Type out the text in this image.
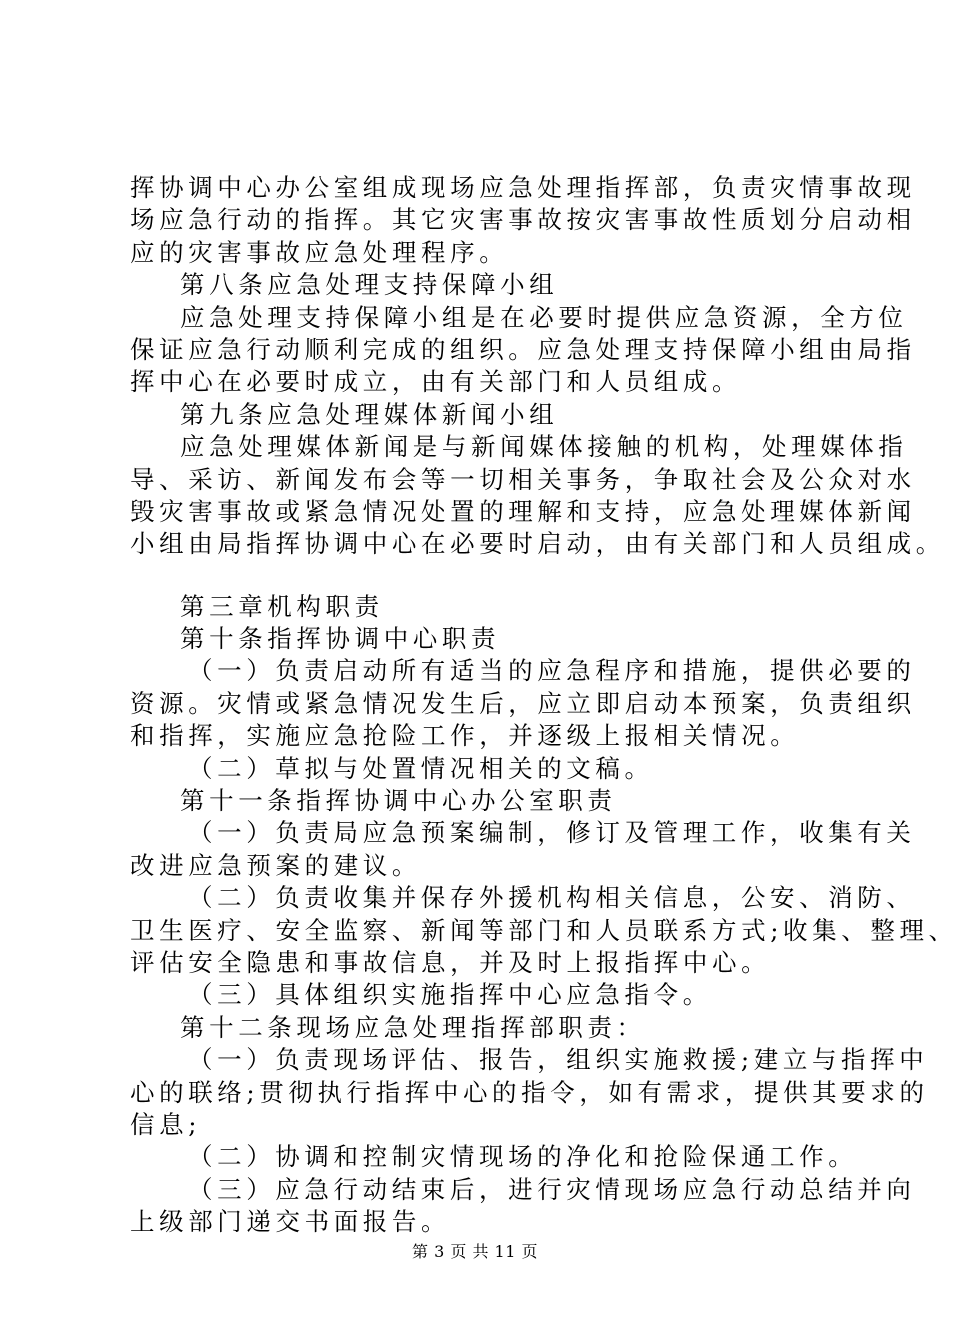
挥协调中心办公室组成现场应急处理指挥部，负责灾情事故现
场应急行动的指挥。其它灾害事故按灾害事故性质划分启动相
应的灾害事故应急处理程序。
第八条应急处理支持保障小组
应急处理支持保障小组是在必要时提供应急资源，全方位
保证应急行动顺利完成的组织。应急处理支持保障小组由局指
挥中心在必要时成立，由有关部门和人员组成。
第九条应急处理媒体新闻小组
应急处理媒体新闻是与新闻媒体接触的机构，处理媒体指
导、采访、新闻发布会等一切相关事务，争取社会及公众对水
毁灾害事故或紧急情况处置的理解和支持，应急处理媒体新闻
小组由局指挥协调中心在必要时启动，由有关部门和人员组成。
第三章机构职责
第十条指挥协调中心职责
（一）负责启动所有适当的应急程序和措施，提供必要的
资源。灾情或紧急情况发生后，应立即启动本预案，负责组织
和指挥，实施应急抢险工作，并逐级上报相关情况。
（二）草拟与处置情况相关的文稿。
第十一条指挥协调中心办公室职责
（一）负责局应急预案编制，修订及管理工作，收集有关
改进应急预案的建议。
（二）负责收集并保存外援机构相关信息，公安、消防、
卫生医疗、安全监察、新闻等部门和人员联系方式;收集、整理、
评估安全隐患和事故信息，并及时上报指挥中心。
（三）具体组织实施指挥中心应急指令。
第十二条现场应急处理指挥部职责：
（一）负责现场评估、报告，组织实施救援;建立与指挥中
心的联络;贯彻执行指挥中心的指令，如有需求，提供其要求的
信息;
（二）协调和控制灾情现场的净化和抢险保通工作。
（三）应急行动结束后，进行灾情现场应急行动总结并向
上级部门递交书面报告。
第 3 页 共 11 页
